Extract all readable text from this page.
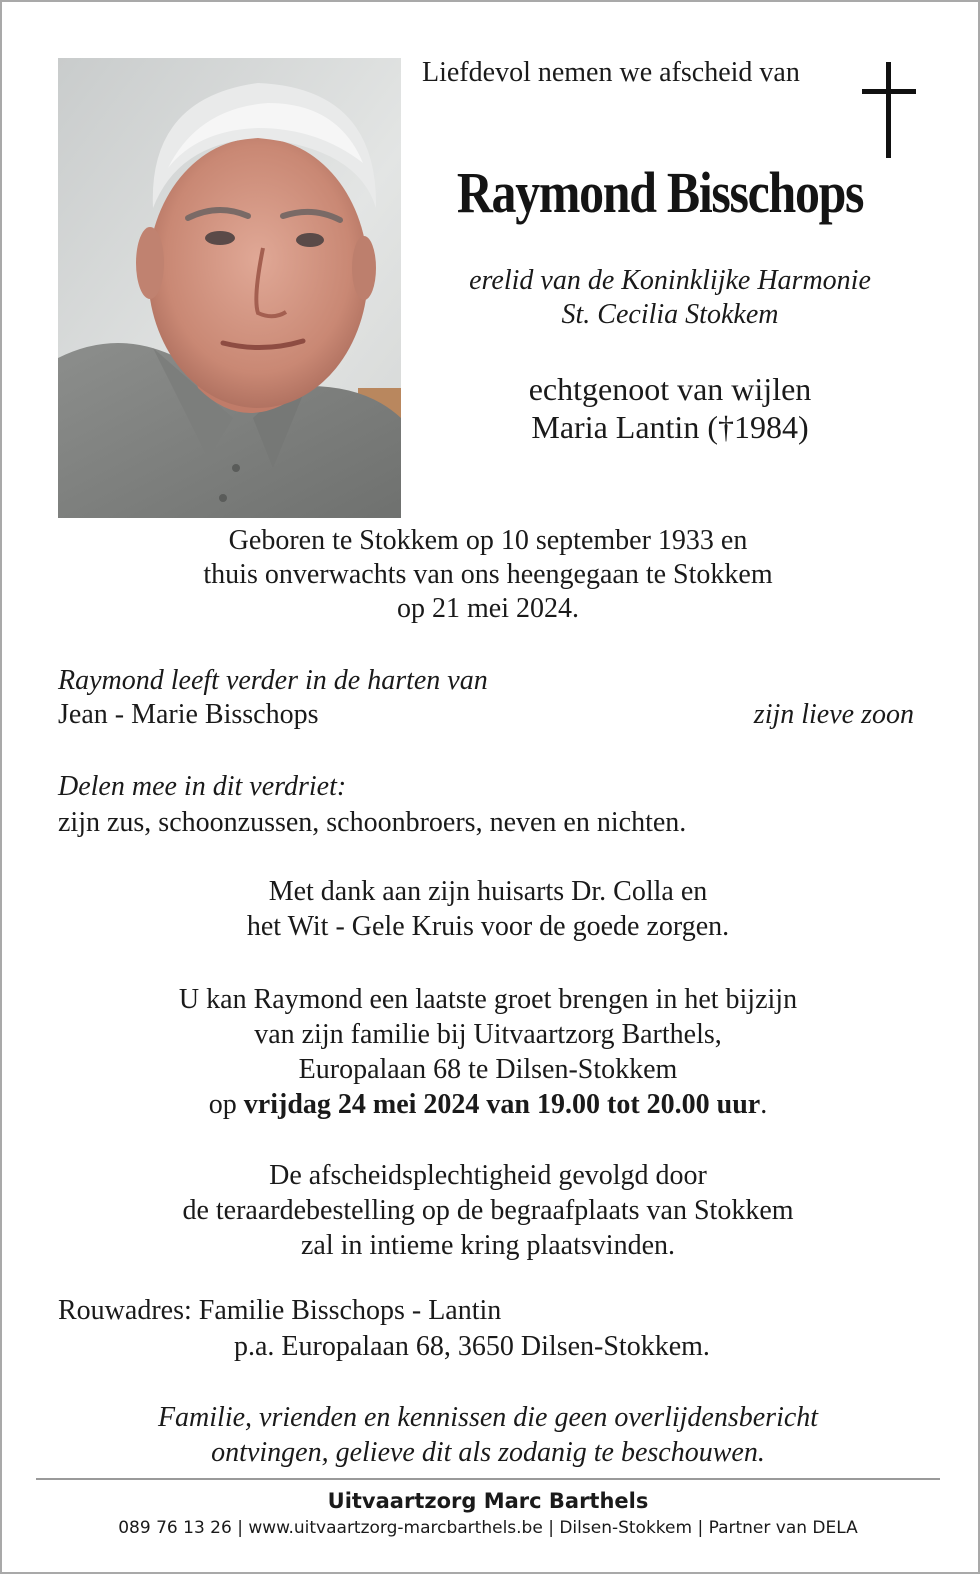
Liefdevol nemen we afscheid van
Raymond Bisschops
erelid van de Koninklijke Harmonie
St. Cecilia Stokkem
echtgenoot van wijlen
Maria Lantin (†1984)
Geboren te Stokkem op 10 september 1933 en
thuis onverwachts van ons heengegaan te Stokkem
op 21 mei 2024.
Raymond leeft verder in de harten van
Jean - Marie Bisschops	zijn lieve zoon
Delen mee in dit verdriet:
zijn zus, schoonzussen, schoonbroers, neven en nichten.
Met dank aan zijn huisarts Dr. Colla en
het Wit - Gele Kruis voor de goede zorgen.
U kan Raymond een laatste groet brengen in het bijzijn
van zijn familie bij Uitvaartzorg Barthels,
Europalaan 68 te Dilsen-Stokkem
op vrijdag 24 mei 2024 van 19.00 tot 20.00 uur.
De afscheidsplechtigheid gevolgd door
de teraardebestelling op de begraafplaats van Stokkem
zal in intieme kring plaatsvinden.
Rouwadres: Familie Bisschops - Lantin
p.a. Europalaan 68, 3650 Dilsen-Stokkem.
Familie, vrienden en kennissen die geen overlijdensbericht
ontvingen, gelieve dit als zodanig te beschouwen.
Uitvaartzorg Marc Barthels
089 76 13 26 | www.uitvaartzorg-marcbarthels.be | Dilsen-Stokkem | Partner van DELA
